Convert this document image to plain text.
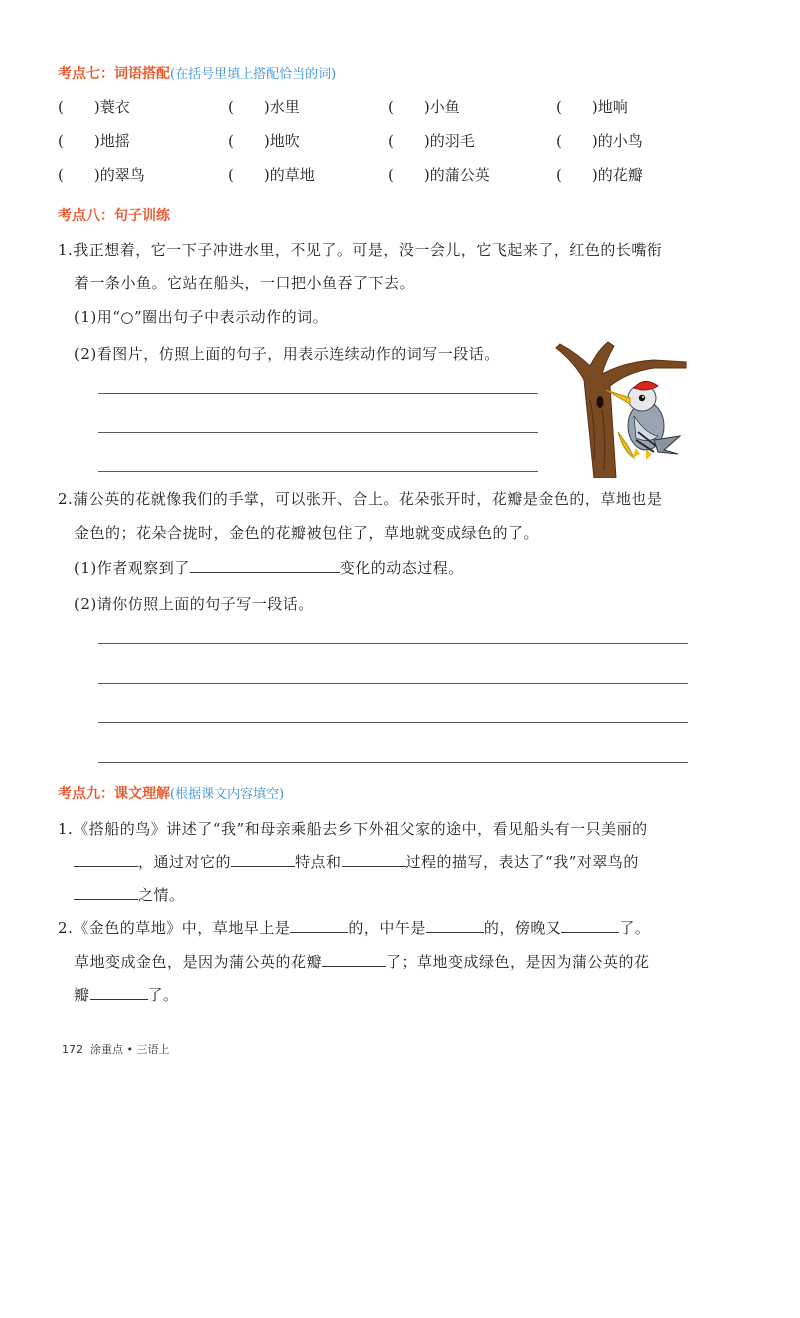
考点七：词语搭配(在括号里填上搭配恰当的词)
(　　)蓑衣	(　　)水里	(　　)小鱼	(　　)地响
(　　)地摇	(　　)地吹	(　　)的羽毛	(　　)的小鸟
(　　)的翠鸟	(　　)的草地	(　　)的蒲公英	(　　)的花瓣
考点八：句子训练
1.我正想着，它一下子冲进水里，不见了。可是，没一会儿，它飞起来了，红色的长嘴衔
着一条小鱼。它站在船头，一口把小鱼吞了下去。
(1)用“○”圈出句子中表示动作的词。
(2)看图片，仿照上面的句子，用表示连续动作的词写一段话。
2.蒲公英的花就像我们的手掌，可以张开、合上。花朵张开时，花瓣是金色的，草地也是
金色的；花朵合拢时，金色的花瓣被包住了，草地就变成绿色的了。
(1)作者观察到了	变化的动态过程。
(2)请你仿照上面的句子写一段话。
考点九：课文理解(根据课文内容填空)
1.《搭船的鸟》讲述了“我”和母亲乘船去乡下外祖父家的途中，看见船头有一只美丽的
，通过对它的	特点和	过程的描写，表达了“我”对翠鸟的
之情。
2.《金色的草地》中，草地早上是	的，中午是	的，傍晚又	了。
草地变成金色，是因为蒲公英的花瓣	了；草地变成绿色，是因为蒲公英的花
瓣	了。
172 涂重点 • 三语上
